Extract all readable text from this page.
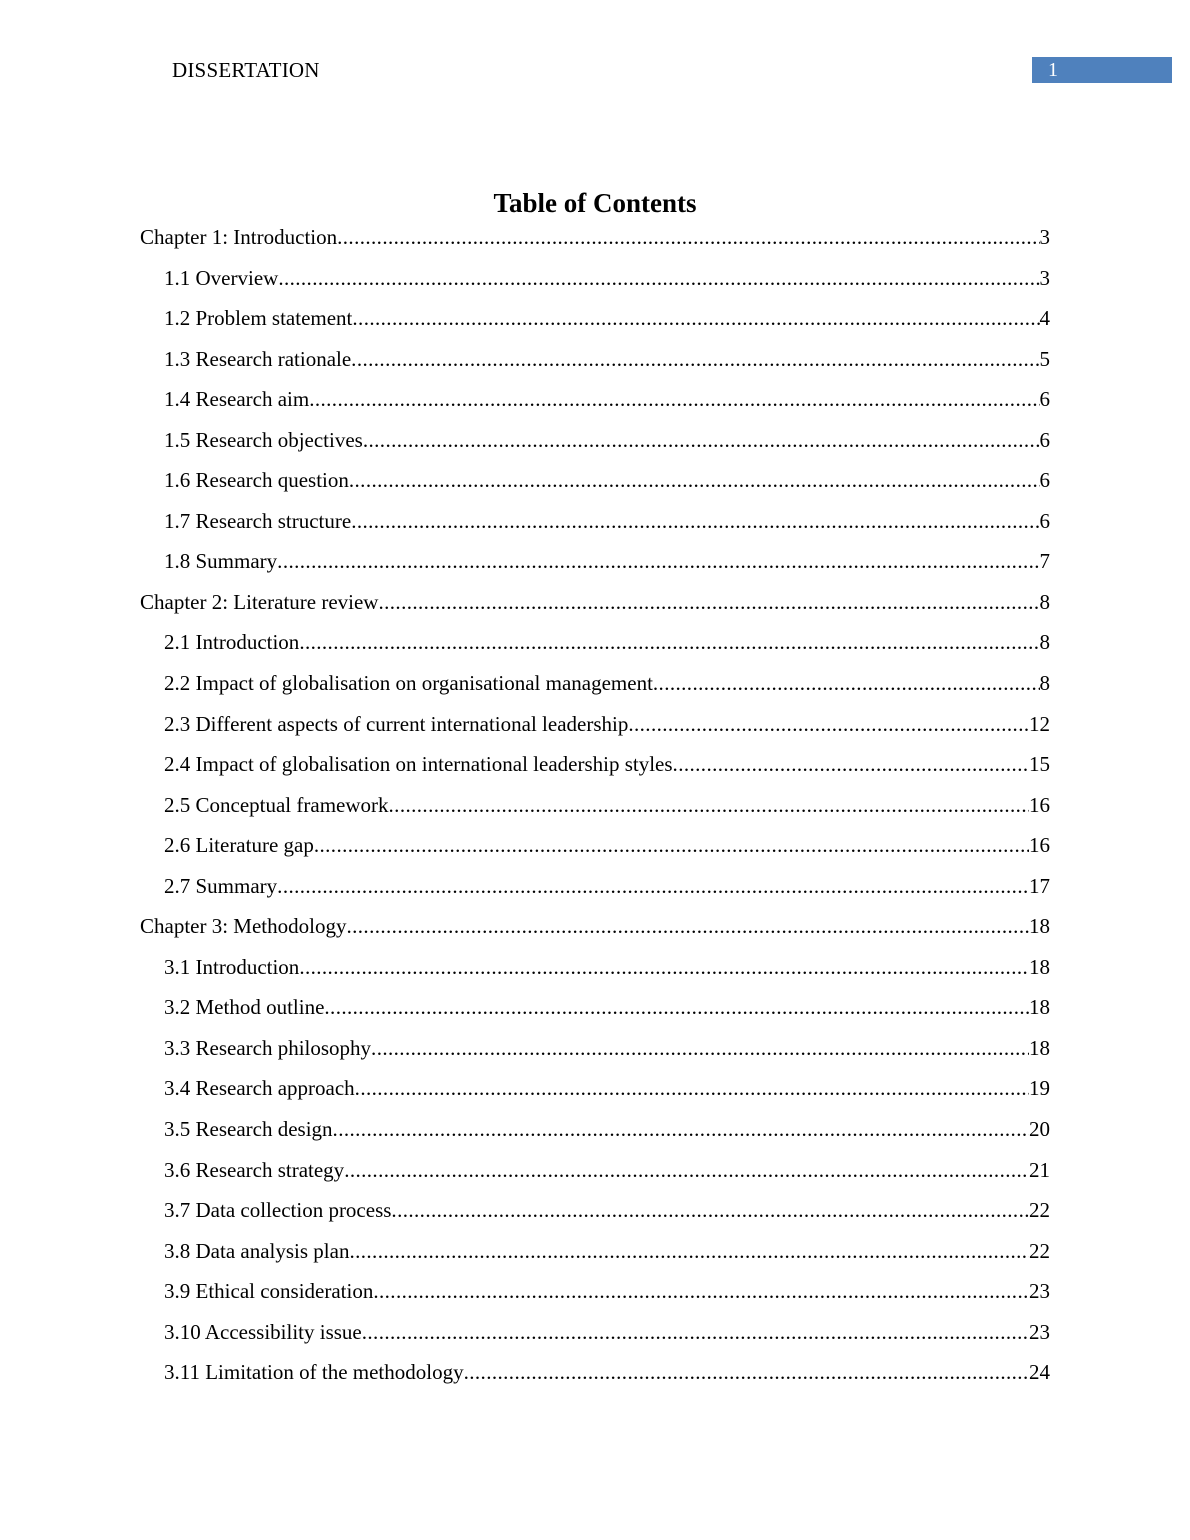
DISSERTATION	1
Table of Contents
Chapter 1: Introduction .....	3
1.1 Overview .....	3
1.2 Problem statement .....	4
1.3 Research rationale .....	5
1.4 Research aim .....	6
1.5 Research objectives .....	6
1.6 Research question .....	6
1.7 Research structure .....	6
1.8 Summary .....	7
Chapter 2: Literature review .....	8
2.1 Introduction .....	8
2.2 Impact of globalisation on organisational management .....	8
2.3 Different aspects of current international leadership .....	12
2.4 Impact of globalisation on international leadership styles .....	15
2.5 Conceptual framework .....	16
2.6 Literature gap .....	16
2.7 Summary .....	17
Chapter 3: Methodology .....	18
3.1 Introduction .....	18
3.2 Method outline .....	18
3.3 Research philosophy .....	18
3.4 Research approach .....	19
3.5 Research design .....	20
3.6 Research strategy .....	21
3.7 Data collection process .....	22
3.8 Data analysis plan .....	22
3.9 Ethical consideration .....	23
3.10 Accessibility issue .....	23
3.11 Limitation of the methodology .....	24
